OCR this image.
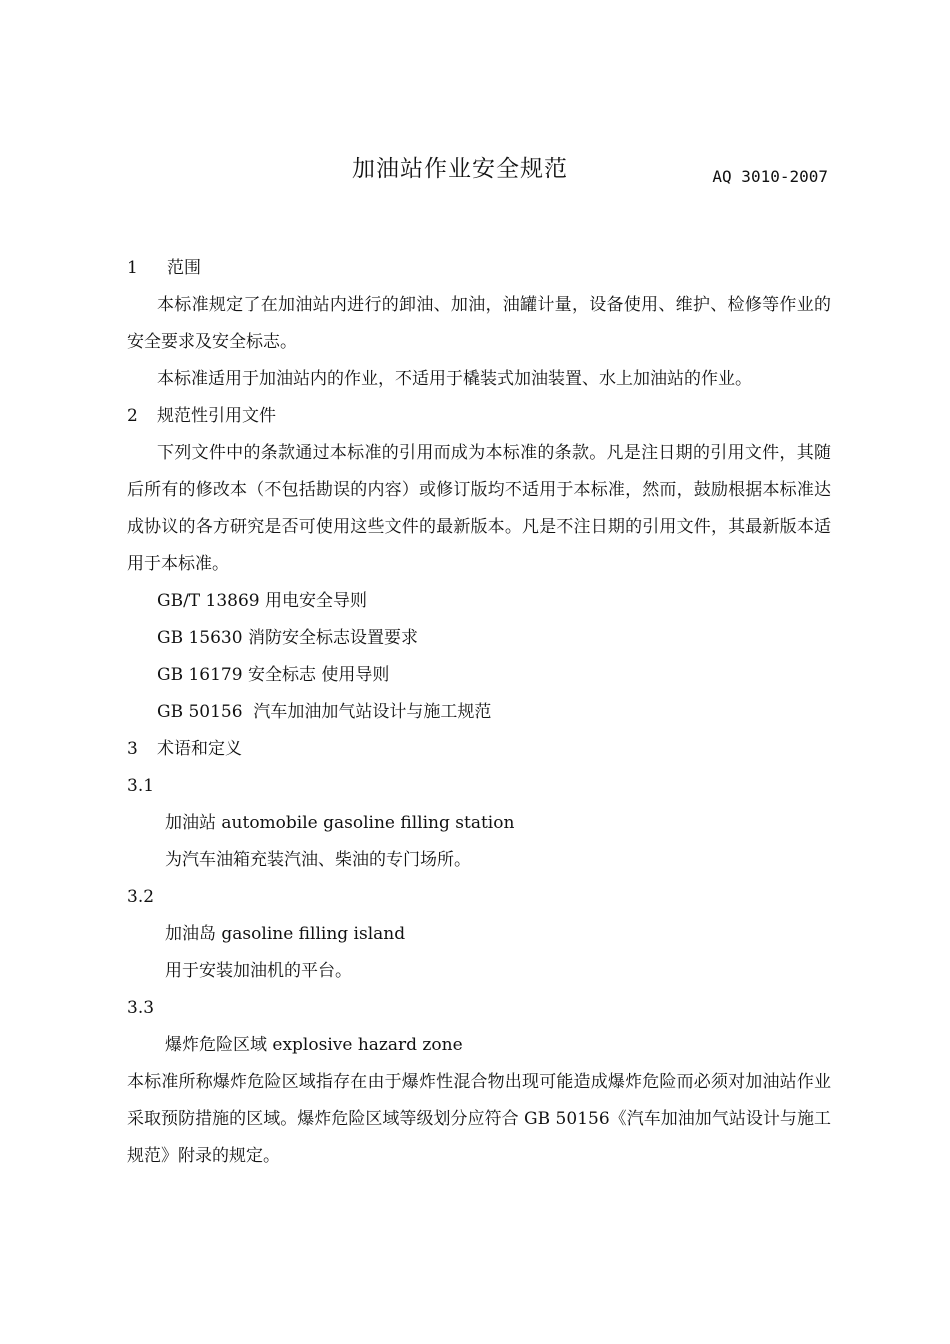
加油站作业安全规范	AQ 3010-2007

1 范围

本标准规定了在加油站内进行的卸油、加油，油罐计量，设备使用、维护、检修等作业的安全要求及安全标志。

本标准适用于加油站内的作业，不适用于橇装式加油装置、水上加油站的作业。

2 规范性引用文件

下列文件中的条款通过本标准的引用而成为本标准的条款。凡是注日期的引用文件，其随后所有的修改本（不包括勘误的内容）或修订版均不适用于本标准，然而，鼓励根据本标准达成协议的各方研究是否可使用这些文件的最新版本。凡是不注日期的引用文件，其最新版本适用于本标准。

GB/T 13869 用电安全导则

GB 15630 消防安全标志设置要求

GB 16179 安全标志 使用导则

GB 50156  汽车加油加气站设计与施工规范

3 术语和定义

3.1

加油站 automobile gasoline filling station

为汽车油箱充装汽油、柴油的专门场所。

3.2

加油岛 gasoline filling island

用于安装加油机的平台。

3.3

爆炸危险区域 explosive hazard zone

本标准所称爆炸危险区域指存在由于爆炸性混合物出现可能造成爆炸危险而必须对加油站作业采取预防措施的区域。爆炸危险区域等级划分应符合 GB 50156《汽车加油加气站设计与施工规范》附录的规定。
